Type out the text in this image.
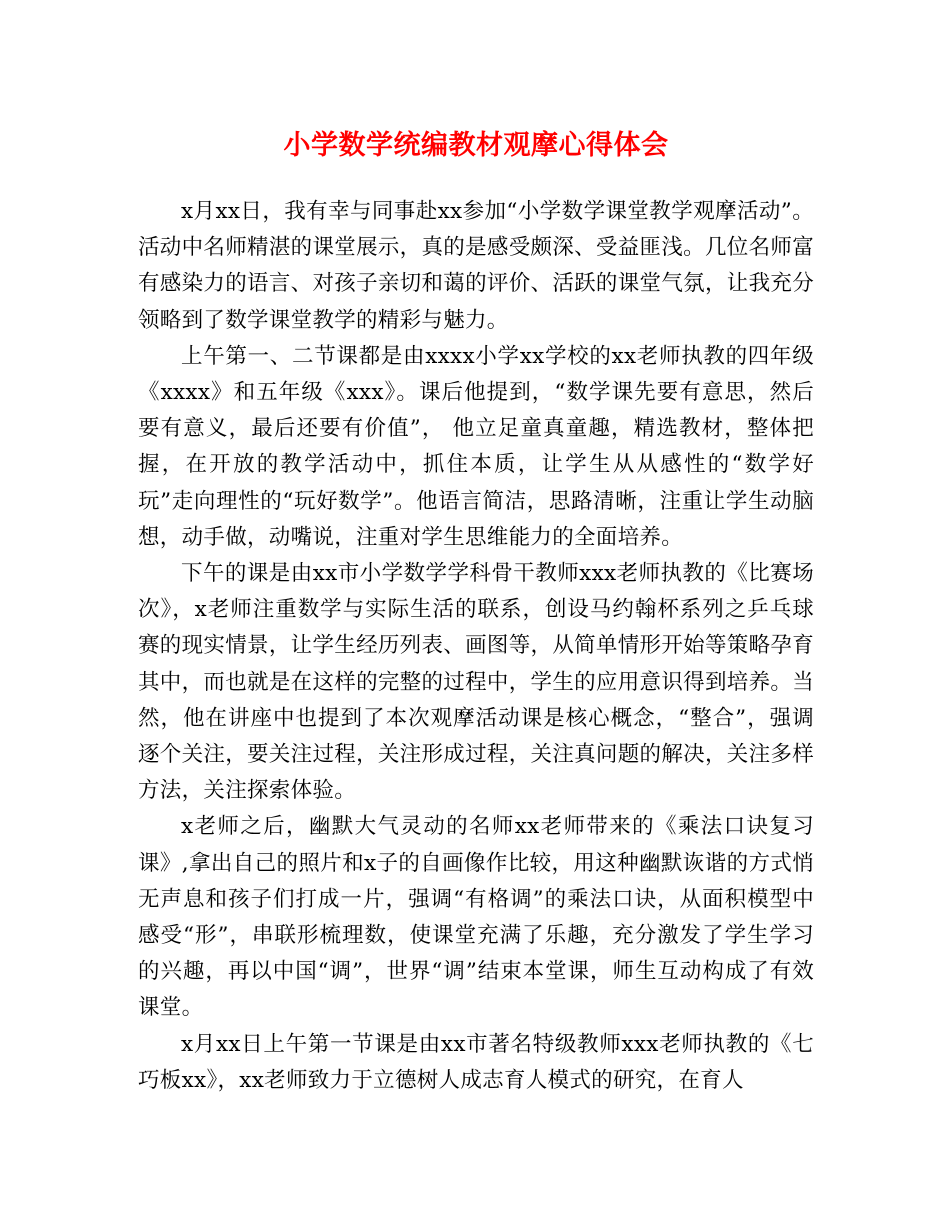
小学数学统编教材观摩心得体会

x月xx日，我有幸与同事赴xx参加“小学数学课堂教学观摩活动”。活动中名师精湛的课堂展示，真的是感受颇深、受益匪浅。几位名师富有感染力的语言、对孩子亲切和蔼的评价、活跃的课堂气氛，让我充分领略到了数学课堂教学的精彩与魅力。

上午第一、二节课都是由xxxx小学xx学校的xx老师执教的四年级《xxxx》和五年级《xxx》。课后他提到，“数学课先要有意思，然后要有意义，最后还要有价值”， 他立足童真童趣，精选教材，整体把握，在开放的教学活动中，抓住本质，让学生从从感性的“数学好玩”走向理性的“玩好数学”。他语言简洁，思路清晰，注重让学生动脑想，动手做，动嘴说，注重对学生思维能力的全面培养。

下午的课是由xx市小学数学学科骨干教师xxx老师执教的《比赛场次》，x老师注重数学与实际生活的联系，创设马约翰杯系列之乒乓球赛的现实情景，让学生经历列表、画图等，从简单情形开始等策略孕育其中，而也就是在这样的完整的过程中，学生的应用意识得到培养。当然，他在讲座中也提到了本次观摩活动课是核心概念，“整合”，强调逐个关注，要关注过程，关注形成过程，关注真问题的解决，关注多样方法，关注探索体验。

x老师之后，幽默大气灵动的名师xx老师带来的《乘法口诀复习课》,拿出自己的照片和x子的自画像作比较，用这种幽默诙谐的方式悄无声息和孩子们打成一片，强调“有格调”的乘法口诀，从面积模型中感受“形”，串联形梳理数，使课堂充满了乐趣，充分激发了学生学习的兴趣，再以中国“调”，世界“调”结束本堂课，师生互动构成了有效课堂。

x月xx日上午第一节课是由xx市著名特级教师xxx老师执教的《七巧板xx》，xx老师致力于立德树人成志育人模式的研究，在育人
